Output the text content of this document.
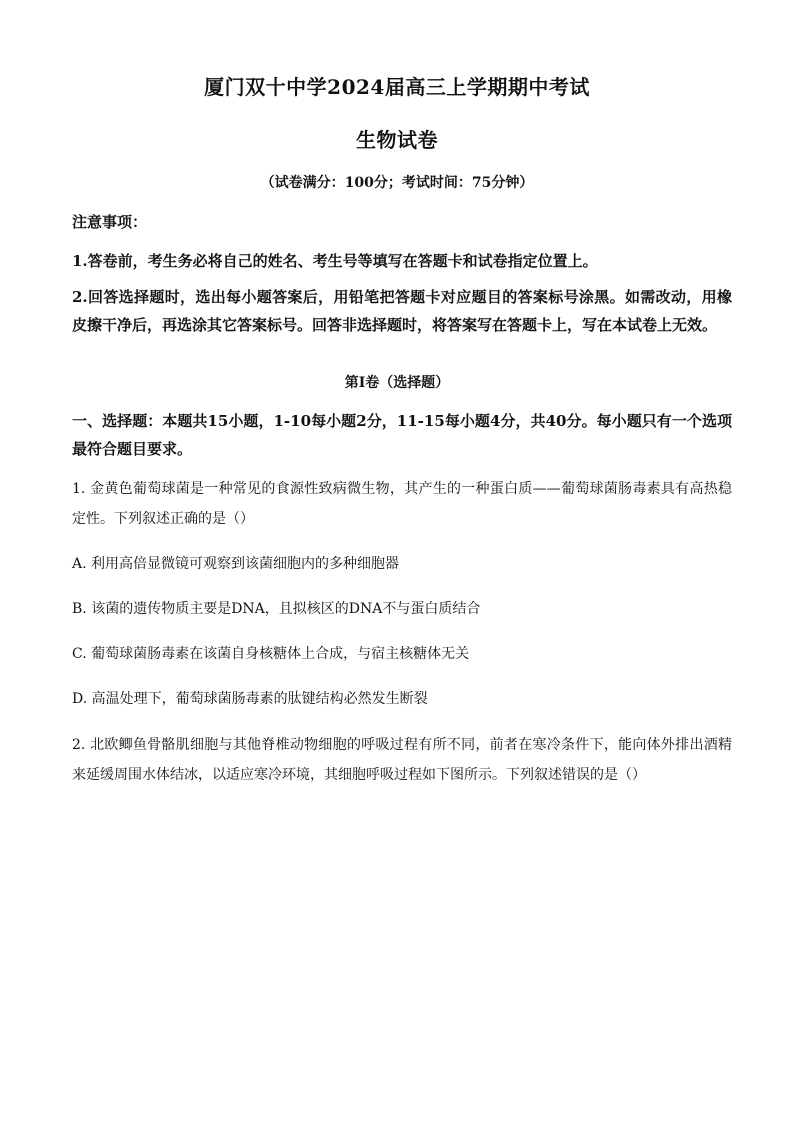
厦门双十中学2024届高三上学期期中考试
生物试卷
（试卷满分：100分；考试时间：75分钟）
注意事项：
1.答卷前，考生务必将自己的姓名、考生号等填写在答题卡和试卷指定位置上。
2.回答选择题时，选出每小题答案后，用铅笔把答题卡对应题目的答案标号涂黑。如需改动，用橡皮擦干净后，再选涂其它答案标号。回答非选择题时，将答案写在答题卡上，写在本试卷上无效。
第I卷（选择题）
一、选择题：本题共15小题，1-10每小题2分，11-15每小题4分，共40分。每小题只有一个选项最符合题目要求。
1. 金黄色葡萄球菌是一种常见的食源性致病微生物，其产生的一种蛋白质——葡萄球菌肠毒素具有高热稳定性。下列叙述正确的是（）
A. 利用高倍显微镜可观察到该菌细胞内的多种细胞器
B. 该菌的遗传物质主要是DNA，且拟核区的DNA不与蛋白质结合
C. 葡萄球菌肠毒素在该菌自身核糖体上合成，与宿主核糖体无关
D. 高温处理下，葡萄球菌肠毒素的肽键结构必然发生断裂
2. 北欧鲫鱼骨骼肌细胞与其他脊椎动物细胞的呼吸过程有所不同，前者在寒冷条件下，能向体外排出酒精来延缓周围水体结冰，以适应寒冷环境，其细胞呼吸过程如下图所示。下列叙述错误的是（）
